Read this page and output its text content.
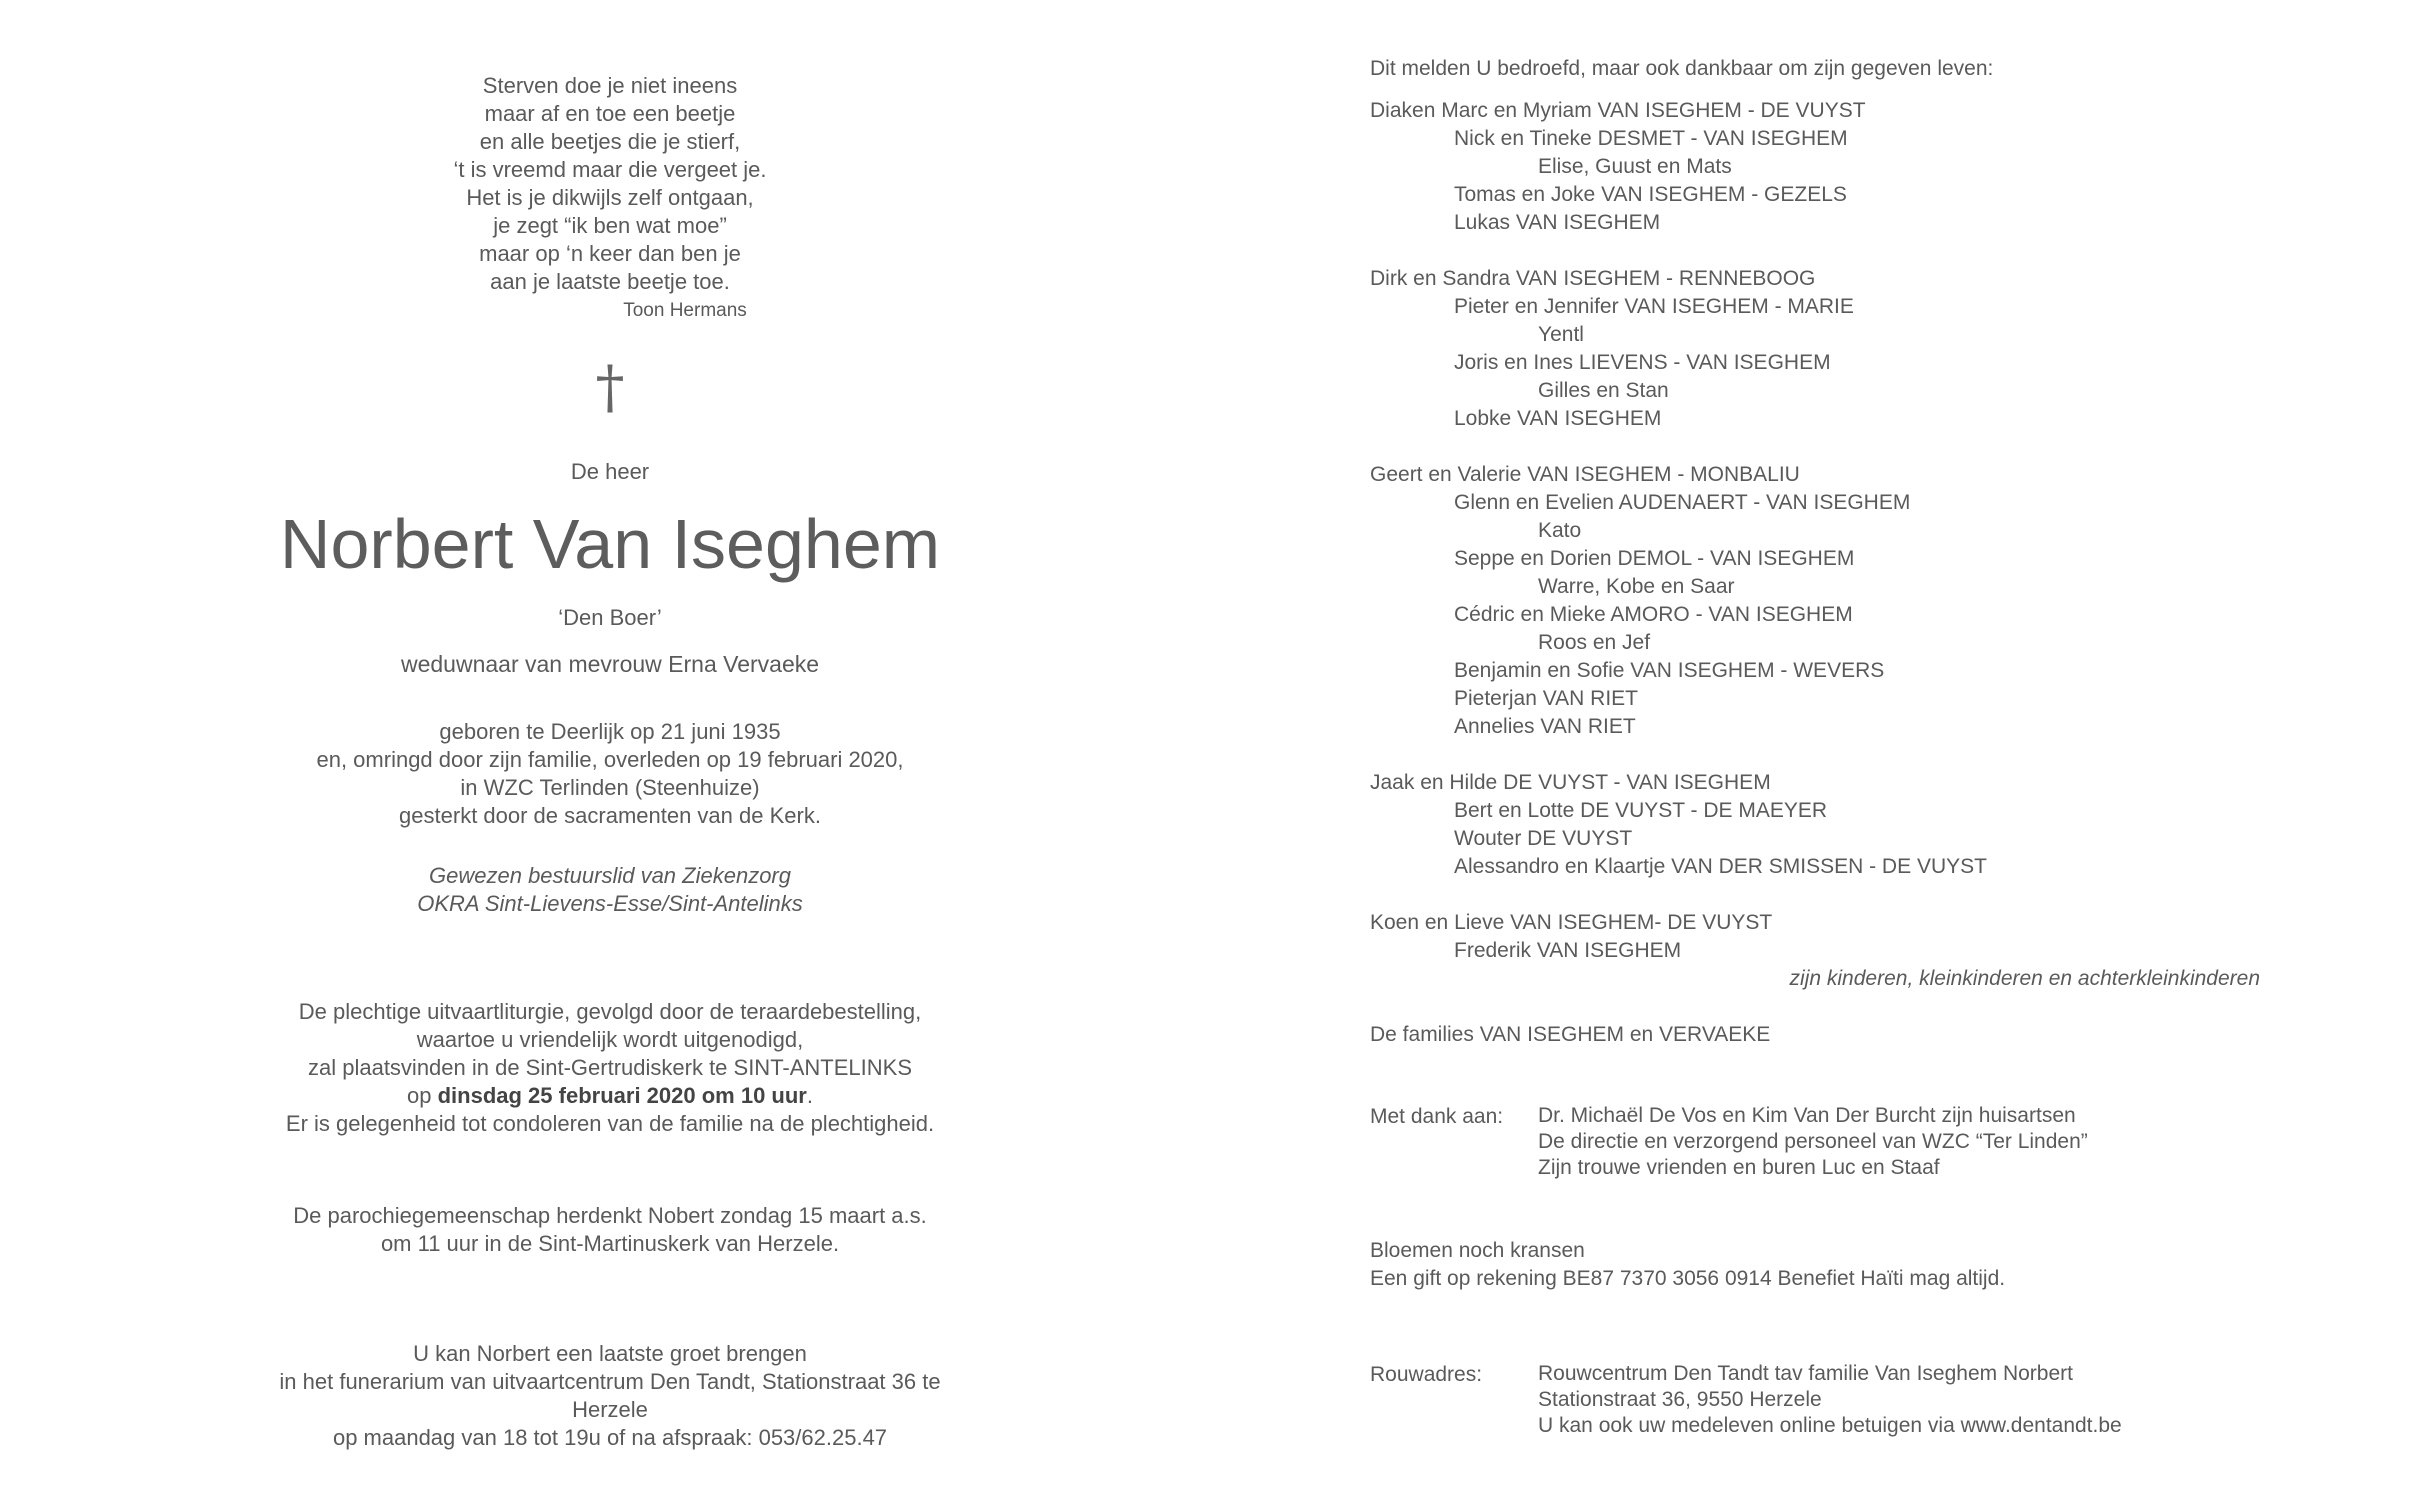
Sterven doe je niet ineens
maar af en toe een beetje
en alle beetjes die je stierf,
‘t is vreemd maar die vergeet je.
Het is je dikwijls zelf ontgaan,
je zegt “ik ben wat moe”
maar op ‘n keer dan ben je
aan je laatste beetje toe.
Toon Hermans
†
De heer
Norbert Van Iseghem
‘Den Boer’
weduwnaar van mevrouw Erna Vervaeke
geboren te Deerlijk op 21 juni 1935
en, omringd door zijn familie, overleden op 19 februari 2020,
in WZC Terlinden (Steenhuize)
gesterkt door de sacramenten van de Kerk.
Gewezen bestuurslid van Ziekenzorg
OKRA Sint-Lievens-Esse/Sint-Antelinks
De plechtige uitvaartliturgie, gevolgd door de teraardebestelling,
waartoe u vriendelijk wordt uitgenodigd,
zal plaatsvinden in de Sint-Gertrudiskerk te SINT-ANTELINKS
op dinsdag 25 februari 2020 om 10 uur.
Er is gelegenheid tot condoleren van de familie na de plechtigheid.
De parochiegemeenschap herdenkt Nobert zondag 15 maart a.s.
om 11 uur in de Sint-Martinuskerk van Herzele.
U kan Norbert een laatste groet brengen
in het funerarium van uitvaartcentrum Den Tandt, Stationstraat 36 te Herzele
op maandag van 18 tot 19u of na afspraak: 053/62.25.47
Dit melden U bedroefd, maar ook dankbaar om zijn gegeven leven:
Diaken Marc en Myriam VAN ISEGHEM - DE VUYST
Nick en Tineke DESMET - VAN ISEGHEM
Elise, Guust en Mats
Tomas en Joke VAN ISEGHEM - GEZELS
Lukas VAN ISEGHEM
Dirk en Sandra VAN ISEGHEM - RENNEBOOG
Pieter en Jennifer VAN ISEGHEM - MARIE
Yentl
Joris en Ines LIEVENS - VAN ISEGHEM
Gilles en Stan
Lobke VAN ISEGHEM
Geert en Valerie VAN ISEGHEM - MONBALIU
Glenn en Evelien AUDENAERT - VAN ISEGHEM
Kato
Seppe en Dorien DEMOL - VAN ISEGHEM
Warre, Kobe en Saar
Cédric en Mieke AMORO - VAN ISEGHEM
Roos en Jef
Benjamin en Sofie VAN ISEGHEM - WEVERS
Pieterjan VAN RIET
Annelies VAN RIET
Jaak en Hilde DE VUYST - VAN ISEGHEM
Bert en Lotte DE VUYST - DE MAEYER
Wouter DE VUYST
Alessandro en Klaartje VAN DER SMISSEN - DE VUYST
Koen en Lieve VAN ISEGHEM- DE VUYST
Frederik VAN ISEGHEM
zijn kinderen, kleinkinderen en achterkleinkinderen
De families VAN ISEGHEM en VERVAEKE
Met dank aan: Dr. Michaël De Vos en Kim Van Der Burcht zijn huisartsen
De directie en verzorgend personeel van WZC “Ter Linden”
Zijn trouwe vrienden en buren Luc en Staaf
Bloemen noch kransen
Een gift op rekening BE87 7370 3056 0914 Benefiet Haïti mag altijd.
Rouwadres:	Rouwcentrum Den Tandt tav familie Van Iseghem Norbert
Stationstraat 36, 9550 Herzele
U kan ook uw medeleven online betuigen via www.dentandt.be
